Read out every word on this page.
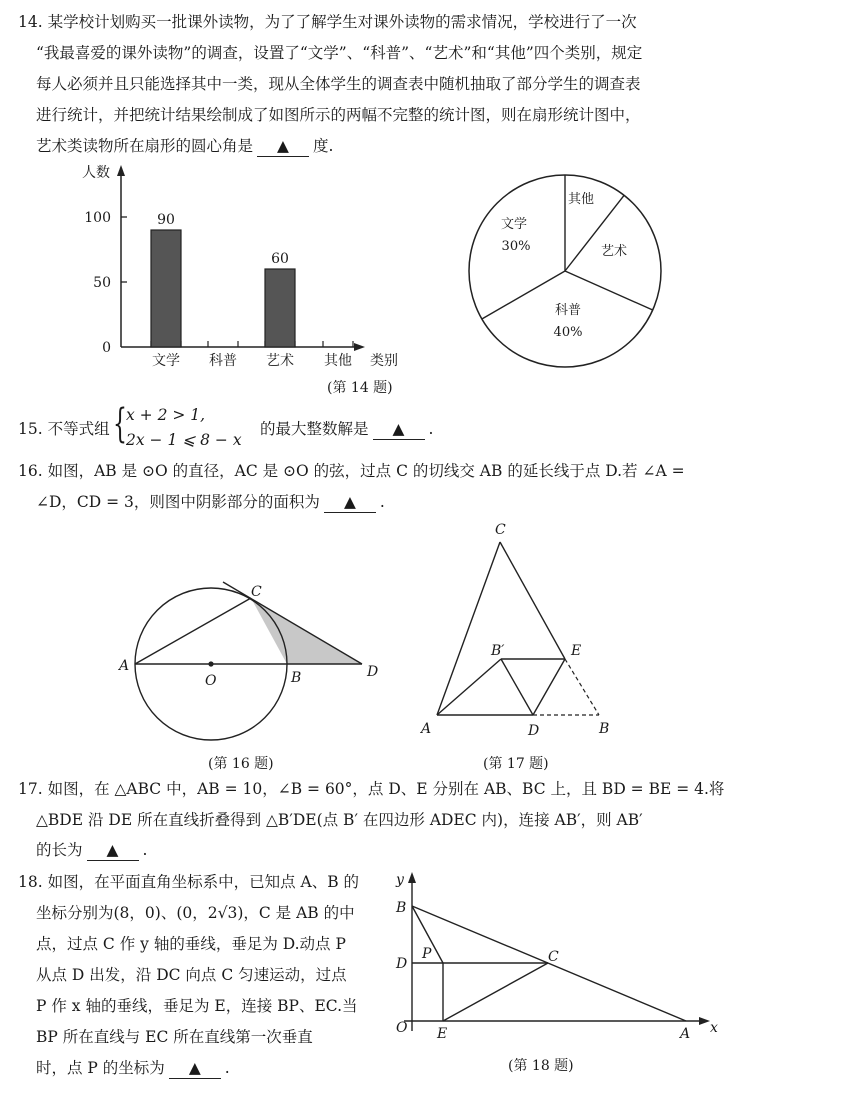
14. 某学校计划购买一批课外读物，为了了解学生对课外读物的需求情况，学校进行了一次
“我最喜爱的课外读物”的调查，设置了“文学”、“科普”、“艺术”和“其他”四个类别，规定
每人必须并且只能选择其中一类，现从全体学生的调查表中随机抽取了部分学生的调查表
进行统计，并把统计结果绘制成了如图所示的两幅不完整的统计图，则在扇形统计图中，
艺术类读物所在扇形的圆心角是 ▲ 度.
人数
类别
0
50
100	90
文学 科普
60
艺术 其他
文学
30%
科普
40%
艺术
其他
(第 14 题)
15. 不等式组 { x + 2 > 1,
2x − 1 ⩽ 8 − x
的最大整数解是 ▲ .
16. 如图，AB 是 ⊙O 的直径，AC 是 ⊙O 的弦，过点 C 的切线交 AB 的延长线于点 D.若 ∠A =
∠D，CD = 3，则图中阴影部分的面积为 ▲ .
A
O	B
C
D
(第 16 题)
C
B′	E
A	D	B
(第 17 题)
17. 如图，在 △ABC 中，AB = 10，∠B = 60°，点 D、E 分别在 AB、BC 上，且 BD = BE = 4.将
△BDE 沿 DE 所在直线折叠得到 △B′DE(点 B′ 在四边形 ADEC 内)，连接 AB′，则 AB′
的长为 ▲ .
18. 如图，在平面直角坐标系中，已知点 A、B 的
坐标分别为(8，0)、(0，2√3)，C 是 AB 的中
点，过点 C 作 y 轴的垂线，垂足为 D.动点 P
从点 D 出发，沿 DC 向点 C 匀速运动，过点
P 作 x 轴的垂线，垂足为 E，连接 BP、EC.当
BP 所在直线与 EC 所在直线第一次垂直
时，点 P 的坐标为 ▲ .
y
x
O
B
D
P	C
E	A
(第 18 题)
